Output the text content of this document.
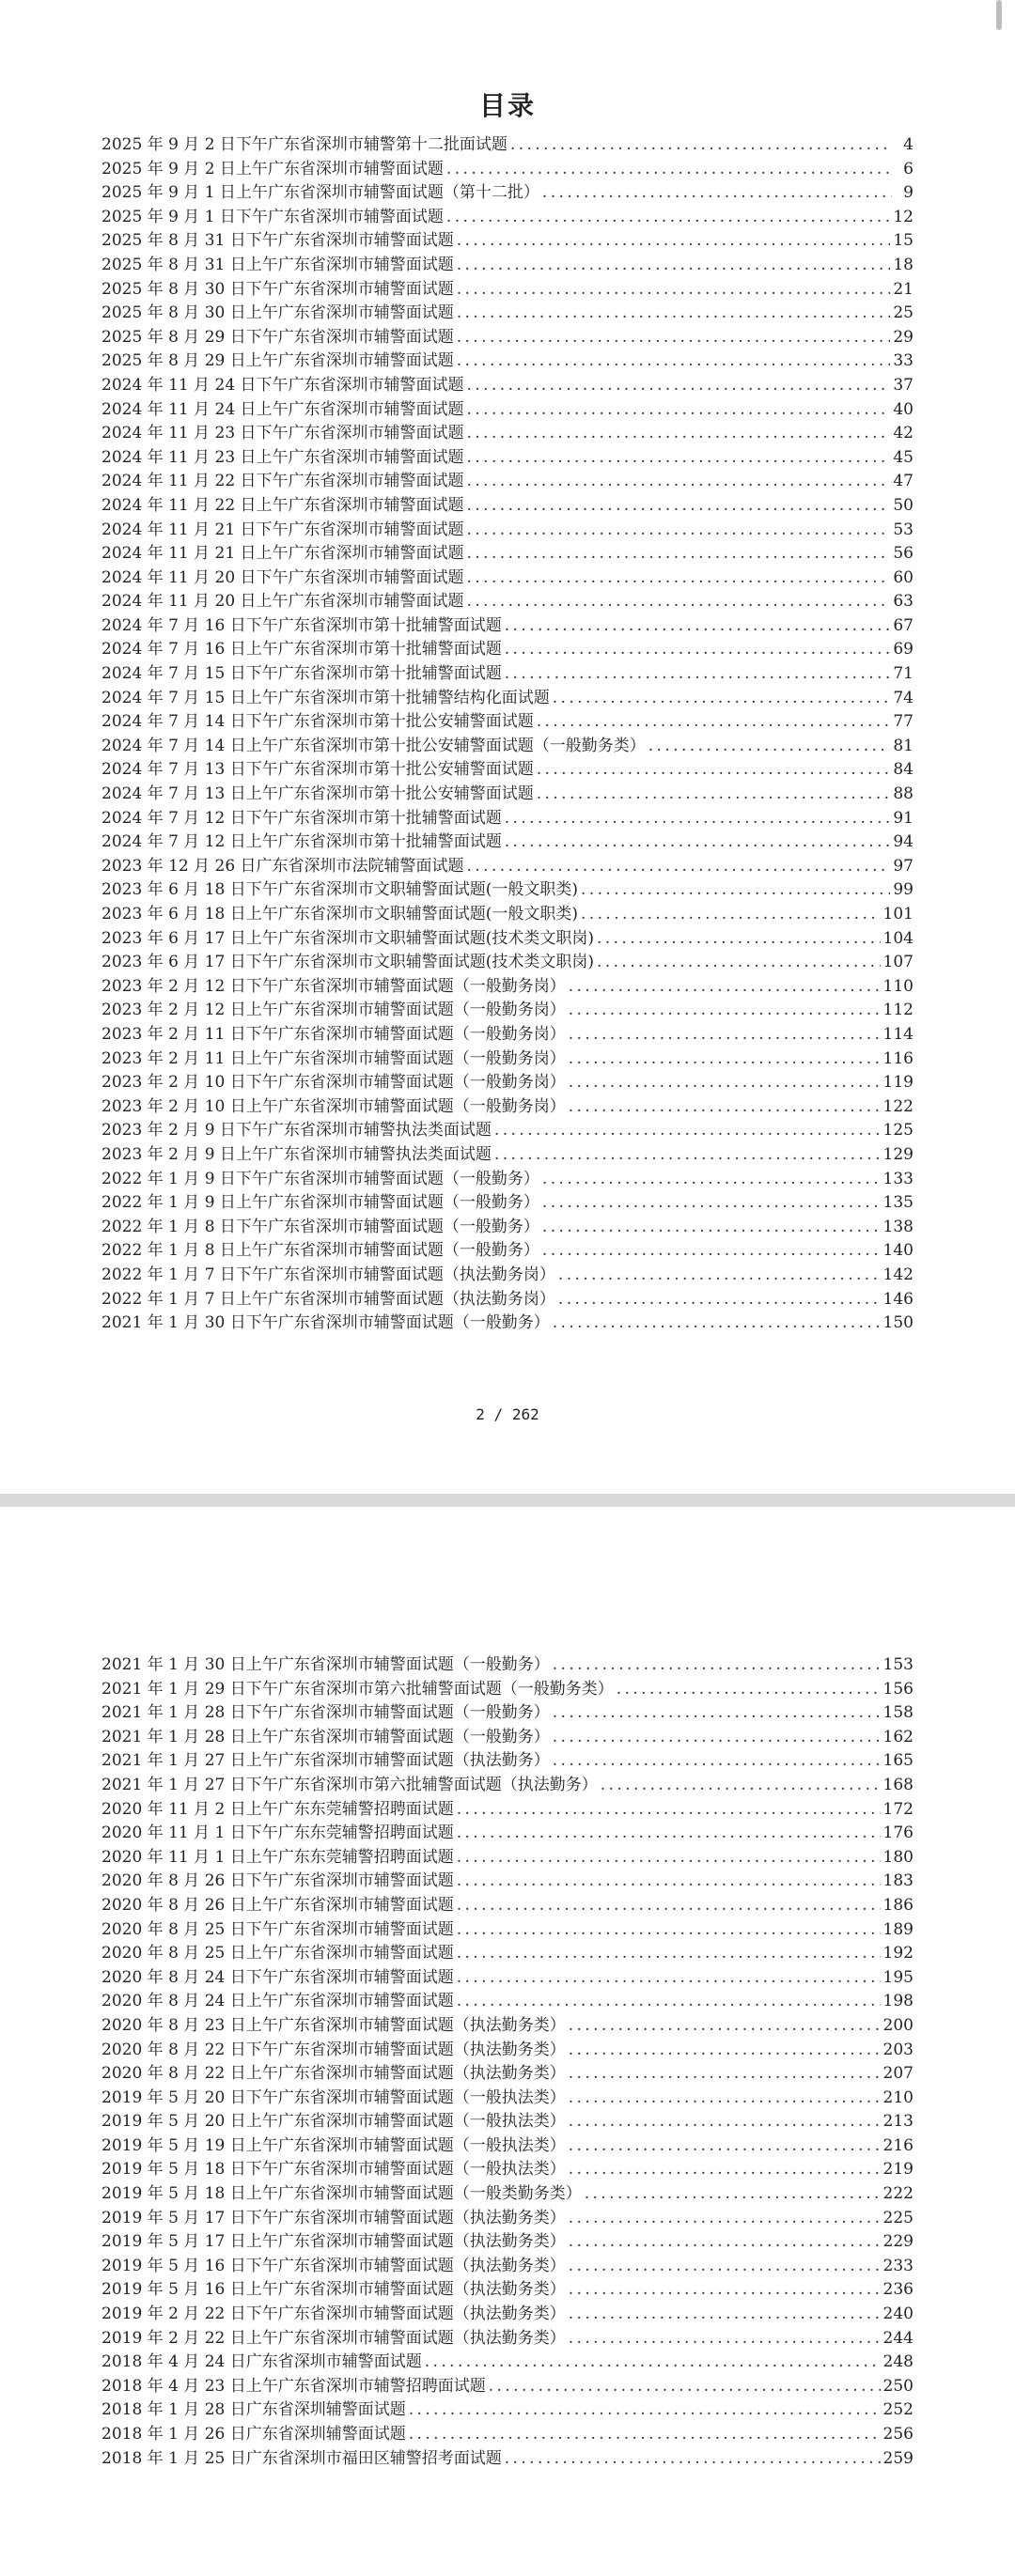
目录
2025 年 9 月 2 日下午广东省深圳市辅警第十二批面试题 . . .	4
2025 年 9 月 2 日上午广东省深圳市辅警面试题 . . .	6
2025 年 9 月 1 日上午广东省深圳市辅警面试题（第十二批） . . .	9
2025 年 9 月 1 日下午广东省深圳市辅警面试题 . . .	12
2025 年 8 月 31 日下午广东省深圳市辅警面试题 . . .	15
2025 年 8 月 31 日上午广东省深圳市辅警面试题 . . .	18
2025 年 8 月 30 日下午广东省深圳市辅警面试题 . . .	21
2025 年 8 月 30 日上午广东省深圳市辅警面试题 . . .	25
2025 年 8 月 29 日下午广东省深圳市辅警面试题 . . .	29
2025 年 8 月 29 日上午广东省深圳市辅警面试题 . . .	33
2024 年 11 月 24 日下午广东省深圳市辅警面试题 . . .	37
2024 年 11 月 24 日上午广东省深圳市辅警面试题 . . .	40
2024 年 11 月 23 日下午广东省深圳市辅警面试题 . . .	42
2024 年 11 月 23 日上午广东省深圳市辅警面试题 . . .	45
2024 年 11 月 22 日下午广东省深圳市辅警面试题 . . .	47
2024 年 11 月 22 日上午广东省深圳市辅警面试题 . . .	50
2024 年 11 月 21 日下午广东省深圳市辅警面试题 . . .	53
2024 年 11 月 21 日上午广东省深圳市辅警面试题 . . .	56
2024 年 11 月 20 日下午广东省深圳市辅警面试题 . . .	60
2024 年 11 月 20 日上午广东省深圳市辅警面试题 . . .	63
2024 年 7 月 16 日下午广东省深圳市第十批辅警面试题 . . .	67
2024 年 7 月 16 日上午广东省深圳市第十批辅警面试题 . . .	69
2024 年 7 月 15 日下午广东省深圳市第十批辅警面试题 . . .	71
2024 年 7 月 15 日上午广东省深圳市第十批辅警结构化面试题 . . .	74
2024 年 7 月 14 日下午广东省深圳市第十批公安辅警面试题 . . .	77
2024 年 7 月 14 日上午广东省深圳市第十批公安辅警面试题（一般勤务类） . . .	81
2024 年 7 月 13 日下午广东省深圳市第十批公安辅警面试题 . . .	84
2024 年 7 月 13 日上午广东省深圳市第十批公安辅警面试题 . . .	88
2024 年 7 月 12 日下午广东省深圳市第十批辅警面试题 . . .	91
2024 年 7 月 12 日上午广东省深圳市第十批辅警面试题 . . .	94
2023 年 12 月 26 日广东省深圳市法院辅警面试题 . . .	97
2023 年 6 月 18 日下午广东省深圳市文职辅警面试题(一般文职类) . . .	99
2023 年 6 月 18 日上午广东省深圳市文职辅警面试题(一般文职类) . . .	101
2023 年 6 月 17 日上午广东省深圳市文职辅警面试题(技术类文职岗) . . .	104
2023 年 6 月 17 日下午广东省深圳市文职辅警面试题(技术类文职岗) . . .	107
2023 年 2 月 12 日下午广东省深圳市辅警面试题（一般勤务岗） . . .	110
2023 年 2 月 12 日上午广东省深圳市辅警面试题（一般勤务岗） . . .	112
2023 年 2 月 11 日下午广东省深圳市辅警面试题（一般勤务岗） . . .	114
2023 年 2 月 11 日上午广东省深圳市辅警面试题（一般勤务岗） . . .	116
2023 年 2 月 10 日下午广东省深圳市辅警面试题（一般勤务岗） . . .	119
2023 年 2 月 10 日上午广东省深圳市辅警面试题（一般勤务岗） . . .	122
2023 年 2 月 9 日下午广东省深圳市辅警执法类面试题 . . .	125
2023 年 2 月 9 日上午广东省深圳市辅警执法类面试题 . . .	129
2022 年 1 月 9 日下午广东省深圳市辅警面试题（一般勤务） . . .	133
2022 年 1 月 9 日上午广东省深圳市辅警面试题（一般勤务） . . .	135
2022 年 1 月 8 日下午广东省深圳市辅警面试题（一般勤务） . . .	138
2022 年 1 月 8 日上午广东省深圳市辅警面试题（一般勤务） . . .	140
2022 年 1 月 7 日下午广东省深圳市辅警面试题（执法勤务岗） . . .	142
2022 年 1 月 7 日上午广东省深圳市辅警面试题（执法勤务岗） . . .	146
2021 年 1 月 30 日下午广东省深圳市辅警面试题（一般勤务） . . .	150
2 / 262
2021 年 1 月 30 日上午广东省深圳市辅警面试题（一般勤务） . . .	153
2021 年 1 月 29 日下午广东省深圳市第六批辅警面试题（一般勤务类） . . .	156
2021 年 1 月 28 日下午广东省深圳市辅警面试题（一般勤务） . . .	158
2021 年 1 月 28 日上午广东省深圳市辅警面试题（一般勤务） . . .	162
2021 年 1 月 27 日上午广东省深圳市辅警面试题（执法勤务） . . .	165
2021 年 1 月 27 日下午广东省深圳市第六批辅警面试题（执法勤务） . . .	168
2020 年 11 月 2 日上午广东东莞辅警招聘面试题 . . .	172
2020 年 11 月 1 日下午广东东莞辅警招聘面试题 . . .	176
2020 年 11 月 1 日上午广东东莞辅警招聘面试题 . . .	180
2020 年 8 月 26 日下午广东省深圳市辅警面试题 . . .	183
2020 年 8 月 26 日上午广东省深圳市辅警面试题 . . .	186
2020 年 8 月 25 日下午广东省深圳市辅警面试题 . . .	189
2020 年 8 月 25 日上午广东省深圳市辅警面试题 . . .	192
2020 年 8 月 24 日下午广东省深圳市辅警面试题 . . .	195
2020 年 8 月 24 日上午广东省深圳市辅警面试题 . . .	198
2020 年 8 月 23 日上午广东省深圳市辅警面试题（执法勤务类） . . .	200
2020 年 8 月 22 日下午广东省深圳市辅警面试题（执法勤务类） . . .	203
2020 年 8 月 22 日上午广东省深圳市辅警面试题（执法勤务类） . . .	207
2019 年 5 月 20 日下午广东省深圳市辅警面试题（一般执法类） . . .	210
2019 年 5 月 20 日上午广东省深圳市辅警面试题（一般执法类） . . .	213
2019 年 5 月 19 日上午广东省深圳市辅警面试题（一般执法类） . . .	216
2019 年 5 月 18 日下午广东省深圳市辅警面试题（一般执法类） . . .	219
2019 年 5 月 18 日上午广东省深圳市辅警面试题（一般类勤务类） . . .	222
2019 年 5 月 17 日下午广东省深圳市辅警面试题（执法勤务类） . . .	225
2019 年 5 月 17 日上午广东省深圳市辅警面试题（执法勤务类） . . .	229
2019 年 5 月 16 日下午广东省深圳市辅警面试题（执法勤务类） . . .	233
2019 年 5 月 16 日上午广东省深圳市辅警面试题（执法勤务类） . . .	236
2019 年 2 月 22 日下午广东省深圳市辅警面试题（执法勤务类） . . .	240
2019 年 2 月 22 日上午广东省深圳市辅警面试题（执法勤务类） . . .	244
2018 年 4 月 24 日广东省深圳市辅警面试题 . . .	248
2018 年 4 月 23 日上午广东省深圳市辅警招聘面试题 . . .	250
2018 年 1 月 28 日广东省深圳辅警面试题 . . .	252
2018 年 1 月 26 日广东省深圳辅警面试题 . . .	256
2018 年 1 月 25 日广东省深圳市福田区辅警招考面试题 . . .	259
